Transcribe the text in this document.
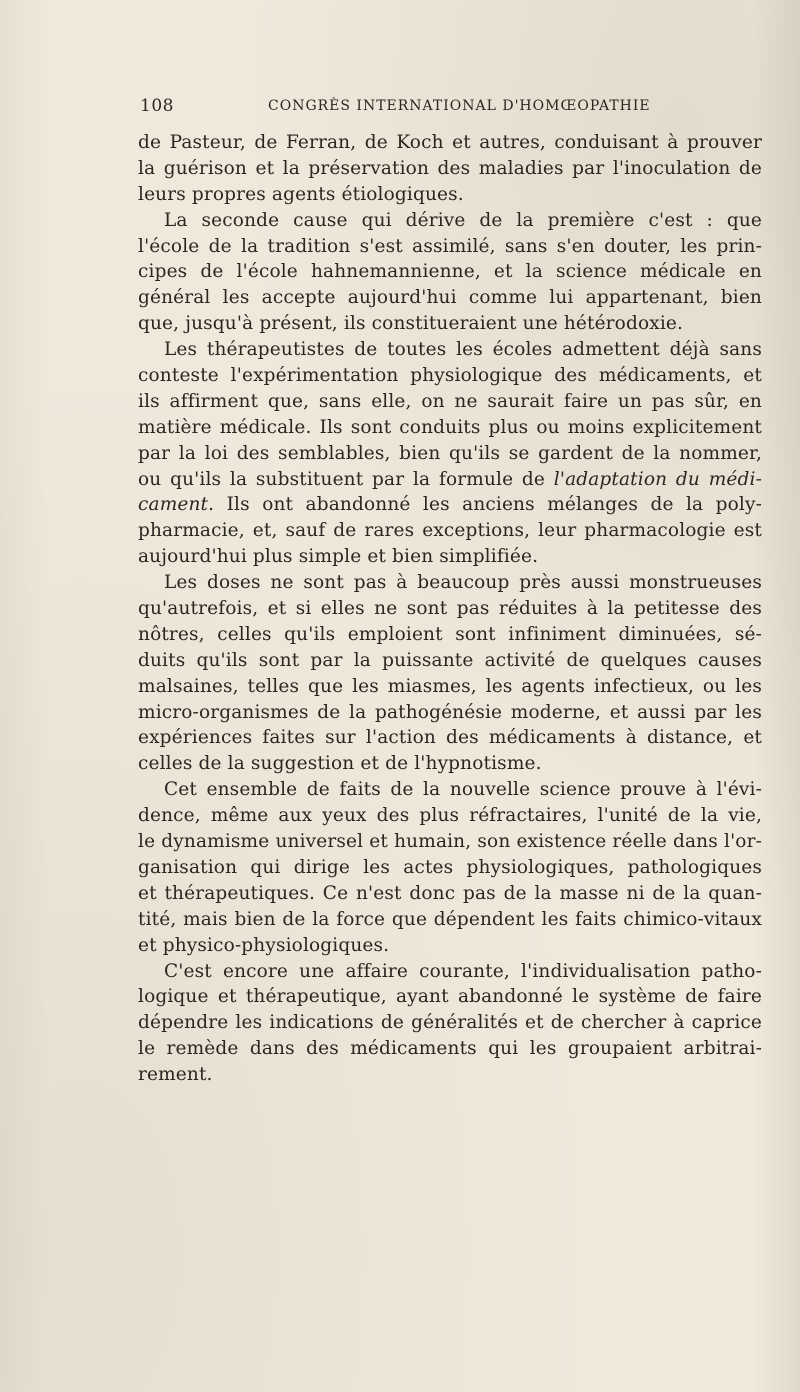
108	CONGRÈS INTERNATIONAL D'HOMŒOPATHIE
de Pasteur, de Ferran, de Koch et autres, conduisant à prouver
la guérison et la préservation des maladies par l'inoculation de
leurs propres agents étiologiques.
La seconde cause qui dérive de la première c'est : que
l'école de la tradition s'est assimilé, sans s'en douter, les prin-
cipes de l'école hahnemannienne, et la science médicale en
général les accepte aujourd'hui comme lui appartenant, bien
que, jusqu'à présent, ils constitueraient une hétérodoxie.
Les thérapeutistes de toutes les écoles admettent déjà sans
conteste l'expérimentation physiologique des médicaments, et
ils affirment que, sans elle, on ne saurait faire un pas sûr, en
matière médicale. Ils sont conduits plus ou moins explicitement
par la loi des semblables, bien qu'ils se gardent de la nommer,
ou qu'ils la substituent par la formule de l'adaptation du médi-
cament. Ils ont abandonné les anciens mélanges de la poly-
pharmacie, et, sauf de rares exceptions, leur pharmacologie est
aujourd'hui plus simple et bien simplifiée.
Les doses ne sont pas à beaucoup près aussi monstrueuses
qu'autrefois, et si elles ne sont pas réduites à la petitesse des
nôtres, celles qu'ils emploient sont infiniment diminuées, sé-
duits qu'ils sont par la puissante activité de quelques causes
malsaines, telles que les miasmes, les agents infectieux, ou les
micro-organismes de la pathogénésie moderne, et aussi par les
expériences faites sur l'action des médicaments à distance, et
celles de la suggestion et de l'hypnotisme.
Cet ensemble de faits de la nouvelle science prouve à l'évi-
dence, même aux yeux des plus réfractaires, l'unité de la vie,
le dynamisme universel et humain, son existence réelle dans l'or-
ganisation qui dirige les actes physiologiques, pathologiques
et thérapeutiques. Ce n'est donc pas de la masse ni de la quan-
tité, mais bien de la force que dépendent les faits chimico-vitaux
et physico-physiologiques.
C'est encore une affaire courante, l'individualisation patho-
logique et thérapeutique, ayant abandonné le système de faire
dépendre les indications de généralités et de chercher à caprice
le remède dans des médicaments qui les groupaient arbitrai-
rement.
